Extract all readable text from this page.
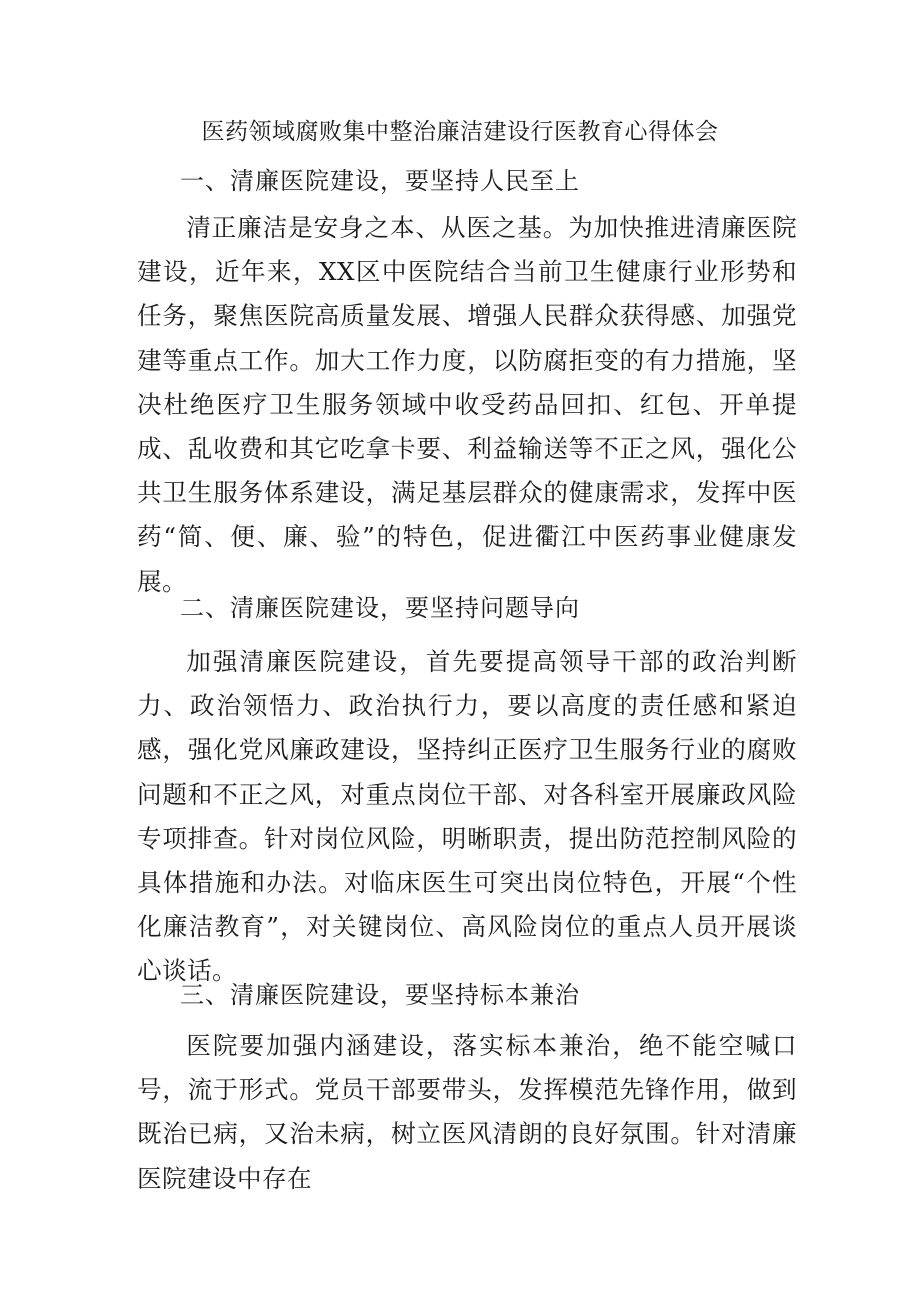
医药领域腐败集中整治廉洁建设行医教育心得体会
一、清廉医院建设，要坚持人民至上
清正廉洁是安身之本、从医之基。为加快推进清廉医院建设，近年来，XX区中医院结合当前卫生健康行业形势和任务，聚焦医院高质量发展、增强人民群众获得感、加强党建等重点工作。加大工作力度，以防腐拒变的有力措施，坚决杜绝医疗卫生服务领域中收受药品回扣、红包、开单提成、乱收费和其它吃拿卡要、利益输送等不正之风，强化公共卫生服务体系建设，满足基层群众的健康需求，发挥中医药“简、便、廉、验”的特色，促进衢江中医药事业健康发展。
二、清廉医院建设，要坚持问题导向
加强清廉医院建设，首先要提高领导干部的政治判断力、政治领悟力、政治执行力，要以高度的责任感和紧迫感，强化党风廉政建设，坚持纠正医疗卫生服务行业的腐败问题和不正之风，对重点岗位干部、对各科室开展廉政风险专项排查。针对岗位风险，明晰职责，提出防范控制风险的具体措施和办法。对临床医生可突出岗位特色，开展“个性化廉洁教育”，对关键岗位、高风险岗位的重点人员开展谈心谈话。
三、清廉医院建设，要坚持标本兼治
医院要加强内涵建设，落实标本兼治，绝不能空喊口号，流于形式。党员干部要带头，发挥模范先锋作用，做到既治已病，又治未病，树立医风清朗的良好氛围。针对清廉医院建设中存在
